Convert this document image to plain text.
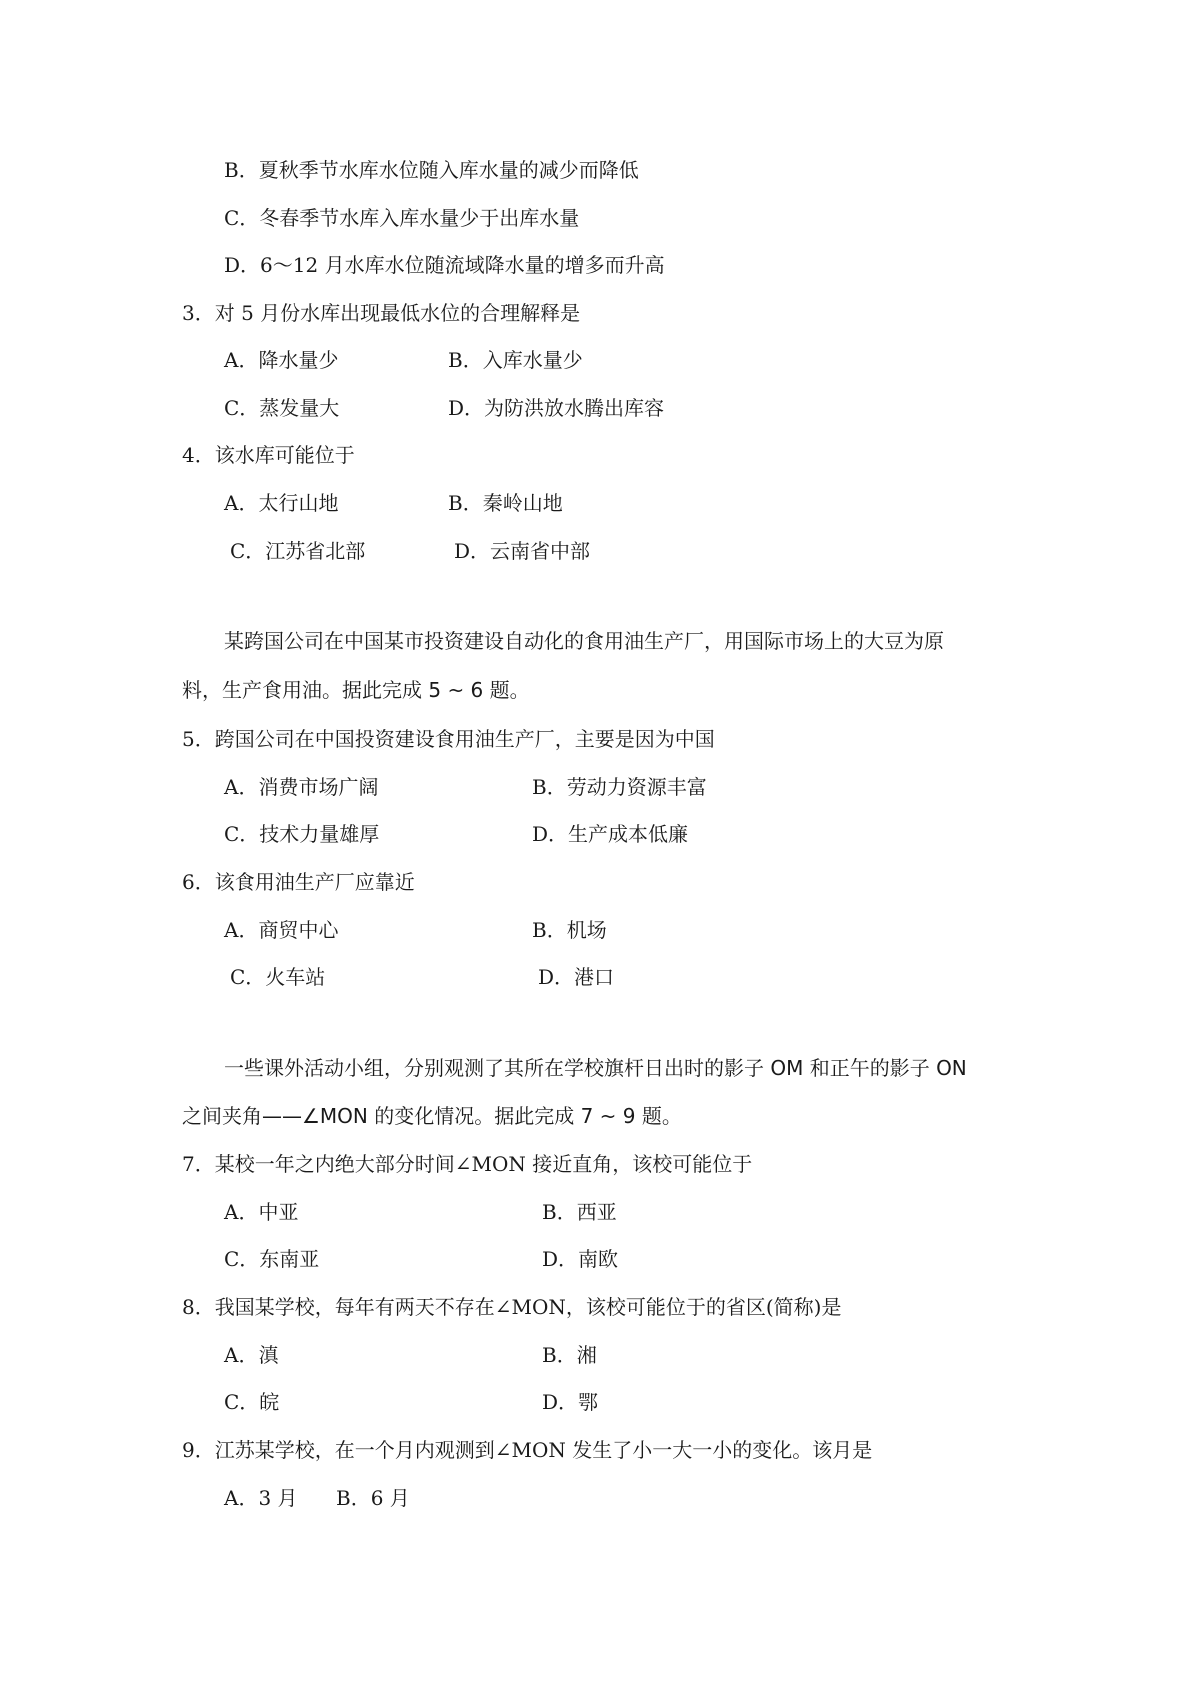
B．夏秋季节水库水位随入库水量的减少而降低
C．冬春季节水库入库水量少于出库水量
D．6～12 月水库水位随流域降水量的增多而升高
3．对 5 月份水库出现最低水位的合理解释是
A．降水量少	B．入库水量少
C．蒸发量大	D．为防洪放水腾出库容
4．该水库可能位于
A．太行山地	B．秦岭山地
C．江苏省北部	D．云南省中部
某跨国公司在中国某市投资建设自动化的食用油生产厂，用国际市场上的大豆为原
料，生产食用油。据此完成 5 ~ 6 题。
5．跨国公司在中国投资建设食用油生产厂，主要是因为中国
A．消费市场广阔	B．劳动力资源丰富
C．技术力量雄厚	D．生产成本低廉
6．该食用油生产厂应靠近
A．商贸中心	B．机场
C．火车站	D．港口
一些课外活动小组，分别观测了其所在学校旗杆日出时的影子 OM 和正午的影子 ON
之间夹角——∠MON 的变化情况。据此完成 7 ~ 9 题。
7．某校一年之内绝大部分时间∠MON 接近直角，该校可能位于
A．中亚	B．西亚
C．东南亚	D．南欧
8．我国某学校，每年有两天不存在∠MON，该校可能位于的省区(简称)是
A．滇	B．湘
C．皖	D．鄂
9．江苏某学校，在一个月内观测到∠MON 发生了小一大一小的变化。该月是
A．3 月 B．6 月
